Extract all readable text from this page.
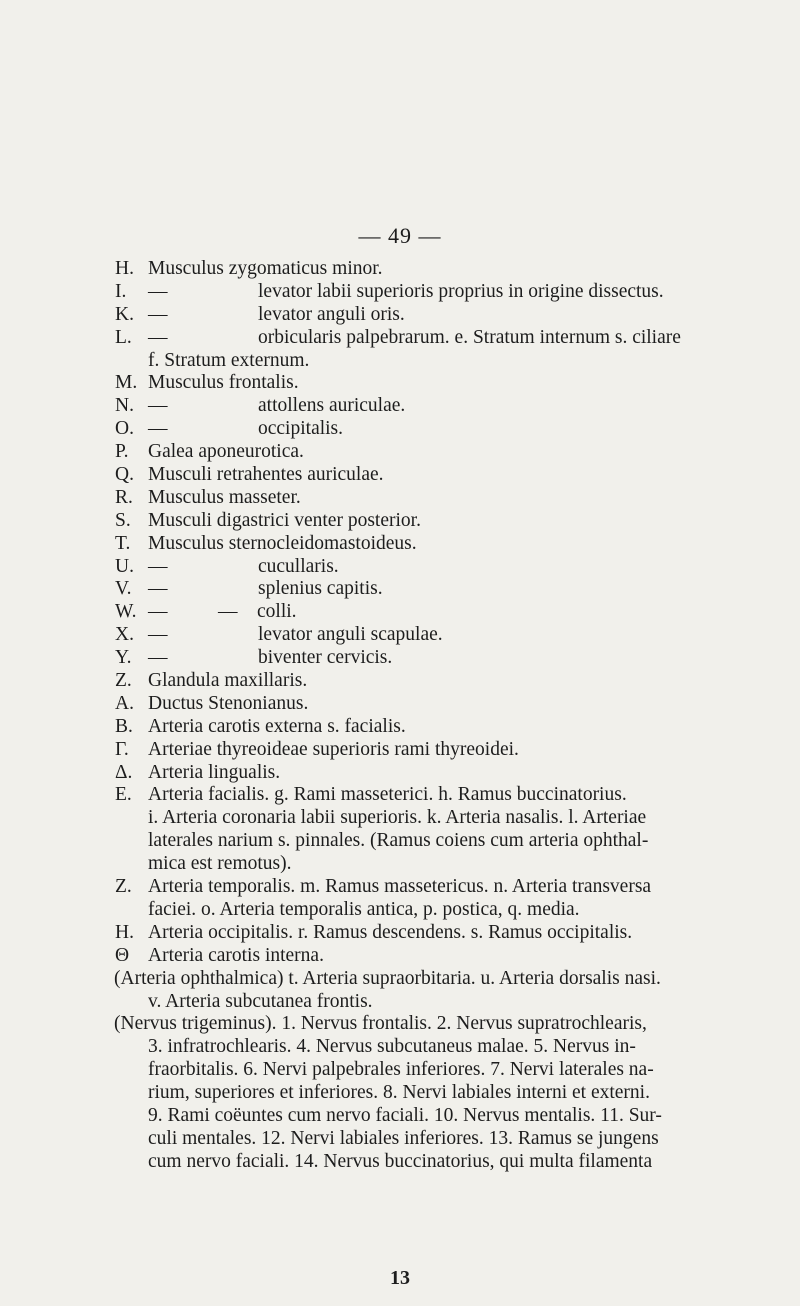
— 49 —
H. Musculus zygomaticus minor.
I. —	levator labii superioris proprius in origine dissectus.
K. —	levator anguli oris.
L. —	orbicularis palpebrarum. e. Stratum internum s. ciliare
f. Stratum externum.
M. Musculus frontalis.
N. —	attollens auriculae.
O. —	occipitalis.
P. Galea aponeurotica.
Q. Musculi retrahentes auriculae.
R. Musculus masseter.
S. Musculi digastrici venter posterior.
T. Musculus sternocleidomastoideus.
U. —	cucullaris.
V. —	splenius capitis.
W. —	— colli.
X. —	levator anguli scapulae.
Y. —	biventer cervicis.
Z. Glandula maxillaris.
A. Ductus Stenonianus.
B. Arteria carotis externa s. facialis.
Γ. Arteriae thyreoideae superioris rami thyreoidei.
Δ. Arteria lingualis.
E. Arteria facialis. g. Rami masseterici. h. Ramus buccinatorius.
i. Arteria coronaria labii superioris. k. Arteria nasalis. l. Arteriae
laterales narium s. pinnales. (Ramus coiens cum arteria ophthal-
mica est remotus).
Z. Arteria temporalis. m. Ramus massetericus. n. Arteria transversa
faciei. o. Arteria temporalis antica, p. postica, q. media.
H. Arteria occipitalis. r. Ramus descendens. s. Ramus occipitalis.
Θ Arteria carotis interna.
(Arteria ophthalmica) t. Arteria supraorbitaria. u. Arteria dorsalis nasi.
v. Arteria subcutanea frontis.
(Nervus trigeminus). 1. Nervus frontalis. 2. Nervus supratrochlearis,
3. infratrochlearis. 4. Nervus subcutaneus malae. 5. Nervus in-
fraorbitalis. 6. Nervi palpebrales inferiores. 7. Nervi laterales na-
rium, superiores et inferiores. 8. Nervi labiales interni et externi.
9. Rami coëuntes cum nervo faciali. 10. Nervus mentalis. 11. Sur-
culi mentales. 12. Nervi labiales inferiores. 13. Ramus se jungens
cum nervo faciali. 14. Nervus buccinatorius, qui multa filamenta
13
